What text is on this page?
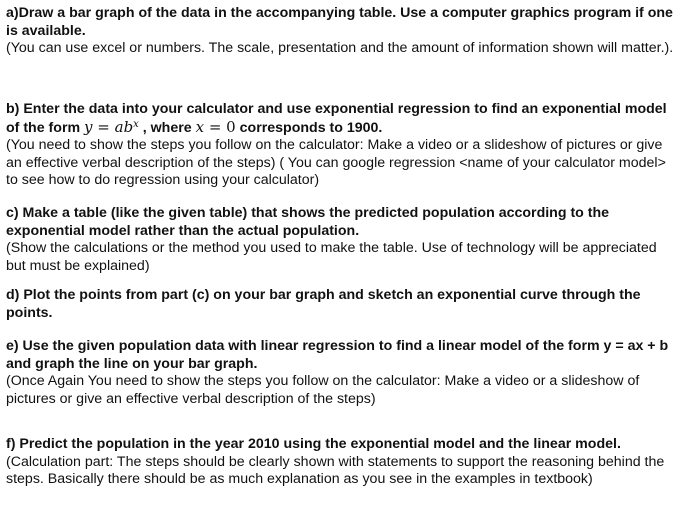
a)Draw a bar graph of the data in the accompanying table. Use a computer graphics program if one is available.

(You can use excel or numbers. The scale, presentation and the amount of information shown will matter.).

b) Enter the data into your calculator and use exponential regression to find an exponential model of the form $y = ab^x$ , where x = 0 corresponds to 1900.

(You need to show the steps you follow on the calculator: Make a video or a slideshow of pictures or give an effective verbal description of the steps) ( You can google regression <name of your calculator model> to see how to do regression using your calculator)

c) Make a table (like the given table) that shows the predicted population according to the exponential model rather than the actual population.

(Show the calculations or the method you used to make the table. Use of technology will be appreciated but must be explained)

d) Plot the points from part (c) on your bar graph and sketch an exponential curve through the points.

e) Use the given population data with linear regression to find a linear model of the form y = ax + b and graph the line on your bar graph.

(Once Again You need to show the steps you follow on the calculator: Make a video or a slideshow of pictures or give an effective verbal description of the steps)

f) Predict the population in the year 2010 using the exponential model and the linear model.

(Calculation part: The steps should be clearly shown with statements to support the reasoning behind the steps. Basically there should be as much explanation as you see in the examples in textbook)
